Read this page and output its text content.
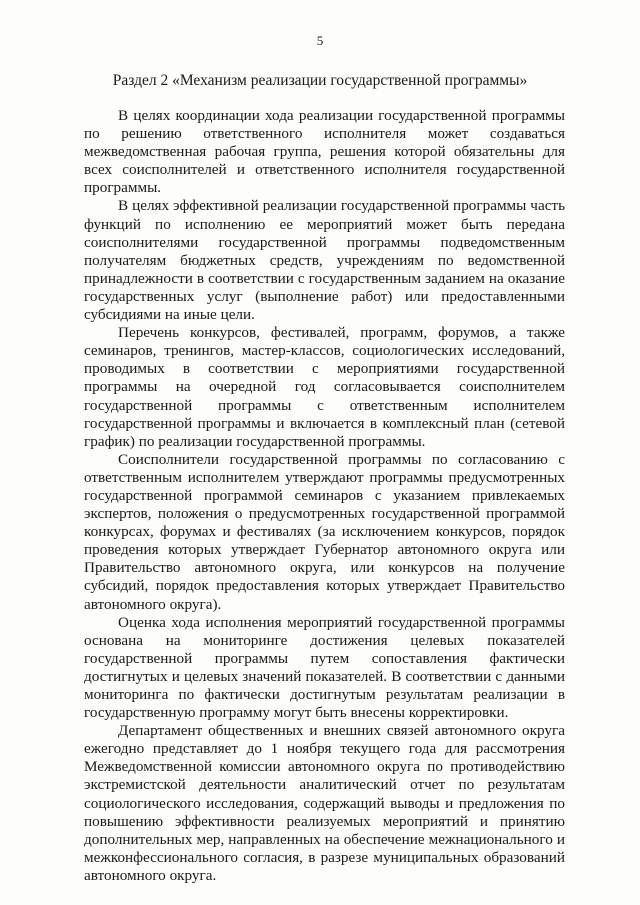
5
Раздел 2 «Механизм реализации государственной программы»

В целях координации хода реализации государственной программы по решению ответственного исполнителя может создаваться межведомственная рабочая группа, решения которой обязательны для всех соисполнителей и ответственного исполнителя государственной программы.

В целях эффективной реализации государственной программы часть функций по исполнению ее мероприятий может быть передана соисполнителями государственной программы подведомственным получателям бюджетных средств, учреждениям по ведомственной принадлежности в соответствии с государственным заданием на оказание государственных услуг (выполнение работ) или предоставленными субсидиями на иные цели.

Перечень конкурсов, фестивалей, программ, форумов, а также семинаров, тренингов, мастер-классов, социологических исследований, проводимых в соответствии с мероприятиями государственной программы на очередной год согласовывается соисполнителем государственной программы с ответственным исполнителем государственной программы и включается в комплексный план (сетевой график) по реализации государственной программы.

Соисполнители государственной программы по согласованию с ответственным исполнителем утверждают программы предусмотренных государственной программой семинаров с указанием привлекаемых экспертов, положения о предусмотренных государственной программой конкурсах, форумах и фестивалях (за исключением конкурсов, порядок проведения которых утверждает Губернатор автономного округа или Правительство автономного округа, или конкурсов на получение субсидий, порядок предоставления которых утверждает Правительство автономного округа).

Оценка хода исполнения мероприятий государственной программы основана на мониторинге достижения целевых показателей государственной программы путем сопоставления фактически достигнутых и целевых значений показателей. В соответствии с данными мониторинга по фактически достигнутым результатам реализации в государственную программу могут быть внесены корректировки.

Департамент общественных и внешних связей автономного округа ежегодно представляет до 1 ноября текущего года для рассмотрения Межведомственной комиссии автономного округа по противодействию экстремистской деятельности аналитический отчет по результатам социологического исследования, содержащий выводы и предложения по повышению эффективности реализуемых мероприятий и принятию дополнительных мер, направленных на обеспечение межнационального и межконфессионального согласия, в разрезе муниципальных образований автономного округа.
